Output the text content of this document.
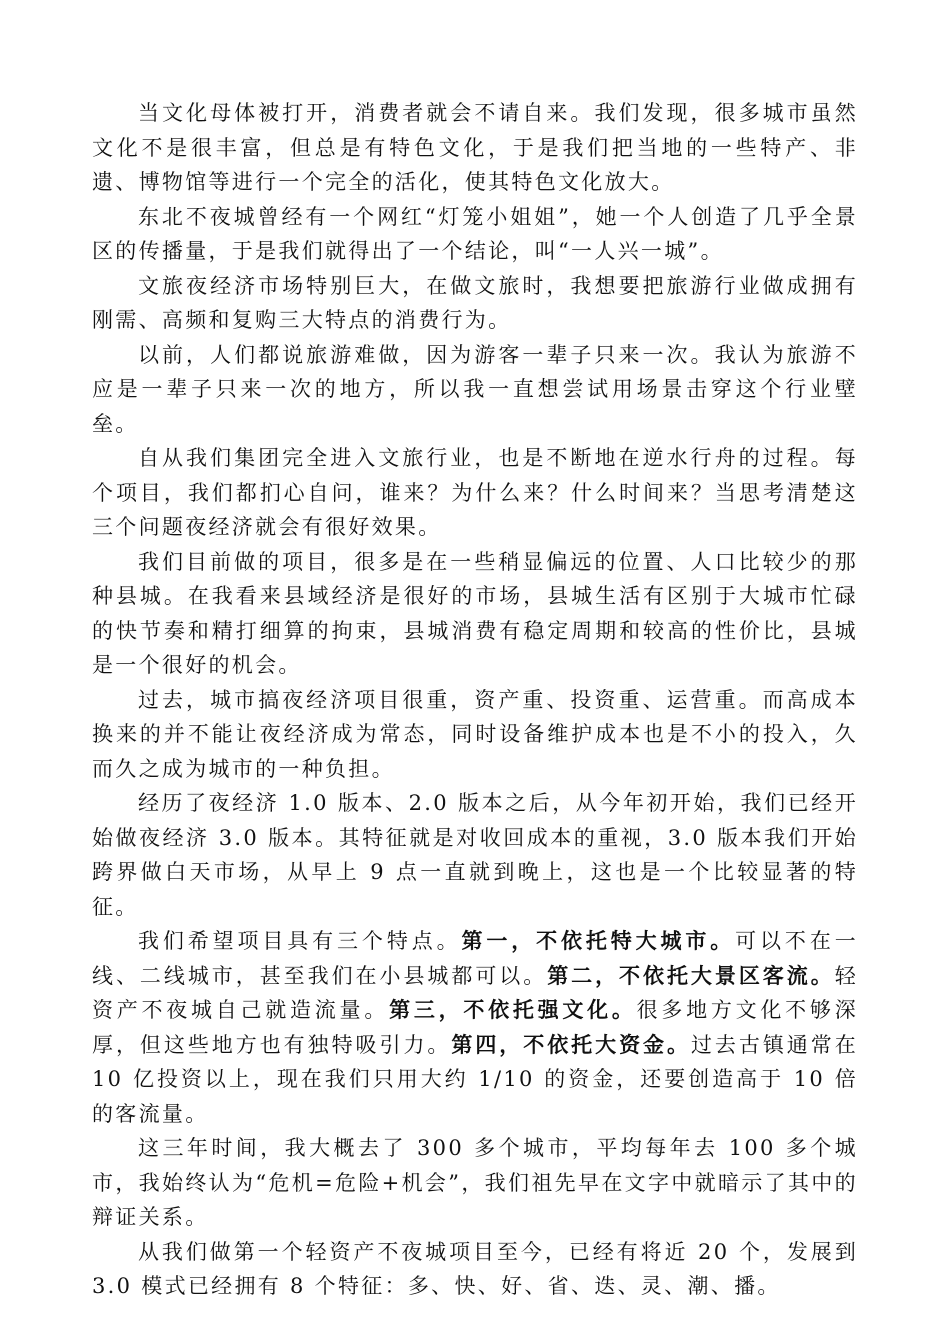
当文化母体被打开，消费者就会不请自来。我们发现，很多城市虽然文化不是很丰富，但总是有特色文化，于是我们把当地的一些特产、非遗、博物馆等进行一个完全的活化，使其特色文化放大。

东北不夜城曾经有一个网红“灯笼小姐姐”，她一个人创造了几乎全景区的传播量，于是我们就得出了一个结论，叫“一人兴一城”。

文旅夜经济市场特别巨大，在做文旅时，我想要把旅游行业做成拥有刚需、高频和复购三大特点的消费行为。

以前，人们都说旅游难做，因为游客一辈子只来一次。我认为旅游不应是一辈子只来一次的地方，所以我一直想尝试用场景击穿这个行业壁垒。

自从我们集团完全进入文旅行业，也是不断地在逆水行舟的过程。每个项目，我们都扪心自问，谁来？为什么来？什么时间来？当思考清楚这三个问题夜经济就会有很好效果。

我们目前做的项目，很多是在一些稍显偏远的位置、人口比较少的那种县城。在我看来县域经济是很好的市场，县城生活有区别于大城市忙碌的快节奏和精打细算的拘束，县城消费有稳定周期和较高的性价比，县城是一个很好的机会。

过去，城市搞夜经济项目很重，资产重、投资重、运营重。而高成本换来的并不能让夜经济成为常态，同时设备维护成本也是不小的投入，久而久之成为城市的一种负担。

经历了夜经济 1.0 版本、2.0 版本之后，从今年初开始，我们已经开始做夜经济 3.0 版本。其特征就是对收回成本的重视，3.0 版本我们开始跨界做白天市场，从早上 9 点一直就到晚上，这也是一个比较显著的特征。

我们希望项目具有三个特点。第一，不依托特大城市。可以不在一线、二线城市，甚至我们在小县城都可以。第二，不依托大景区客流。轻资产不夜城自己就造流量。第三，不依托强文化。很多地方文化不够深厚，但这些地方也有独特吸引力。第四，不依托大资金。过去古镇通常在 10 亿投资以上，现在我们只用大约 1/10 的资金，还要创造高于 10 倍的客流量。

这三年时间，我大概去了 300 多个城市，平均每年去 100 多个城市，我始终认为“危机=危险+机会”，我们祖先早在文字中就暗示了其中的辩证关系。

从我们做第一个轻资产不夜城项目至今，已经有将近 20 个，发展到 3.0 模式已经拥有 8 个特征：多、快、好、省、迭、灵、潮、播。
